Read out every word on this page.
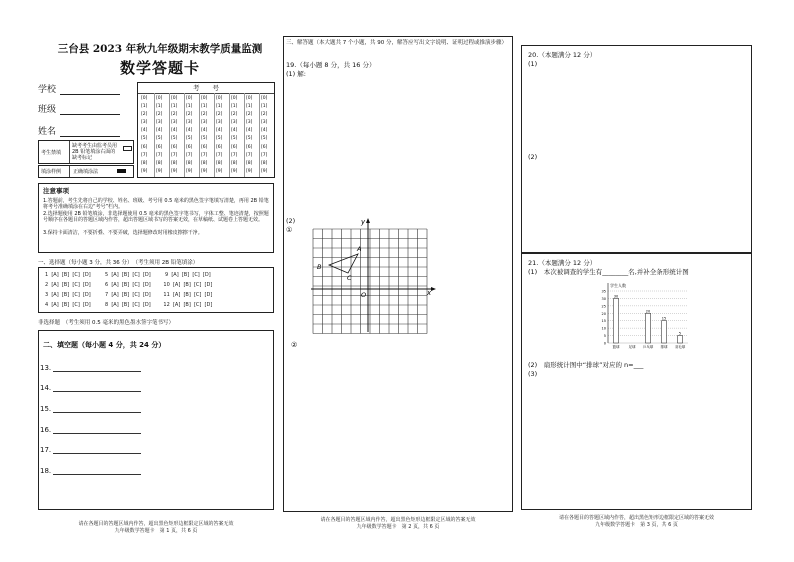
三台县 2023 年秋九年级期末教学质量监测
数学答题卡
学校
班级
姓名
考　　号
[0]
[1]
[2]
[3]
[4]
[5]
[6]
[7]
[8]
[9]
[0]
[1]
[2]
[3]
[4]
[5]
[6]
[7]
[8]
[9]
[0]
[1]
[2]
[3]
[4]
[5]
[6]
[7]
[8]
[9]
[0]
[1]
[2]
[3]
[4]
[5]
[6]
[7]
[8]
[9]
[0]
[1]
[2]
[3]
[4]
[5]
[6]
[7]
[8]
[9]
[0]
[1]
[2]
[3]
[4]
[5]
[6]
[7]
[8]
[9]
[0]
[1]
[2]
[3]
[4]
[5]
[6]
[7]
[8]
[9]
[0]
[1]
[2]
[3]
[4]
[5]
[6]
[7]
[8]
[9]
[0]
[1]
[2]
[3]
[4]
[5]
[6]
[7]
[8]
[9]
考生禁填
缺考考生由监考员用 2B 铅笔填涂右面的缺考标记
填涂样例 正确填涂法
注意事项
1.答题前，考生先将自己的学校、姓名、班级、考号用 0.5 毫米的黑色签字笔填写清楚，再用 2B 铅笔将考号准确填涂在右边“考号”栏内。
2.选择题使用 2B 铅笔填涂，非选择题使用 0.5 毫米的黑色签字笔书写，字体工整、笔迹清楚，按照题号顺序在各题目的答题区域内作答，超出答题区域书写的答案无效，在草稿纸、试题卷上答题无效。
3.保持卡面清洁，不要折叠、不要弄破，选择题修改时用橡皮擦擦干净。
一、选择题（每小题 3 分，共 36 分）　（考生须用 2B 铅笔填涂）
1  [A]  [B]  [C]  [D]         5  [A]  [B]  [C]  [D]         9  [A]  [B]  [C]  [D]
2  [A]  [B]  [C]  [D]         6  [A]  [B]  [C]  [D]        10  [A]  [B]  [C]  [D]
3  [A]  [B]  [C]  [D]         7  [A]  [B]  [C]  [D]        11  [A]  [B]  [C]  [D]
4  [A]  [B]  [C]  [D]         8  [A]  [B]  [C]  [D]        12  [A]  [B]  [C]  [D]
非选择题　（考生须用 0.5 毫米的黑色墨水签字笔书写）
二、填空题（每小题 4 分，共 24 分）
13.
14.
15.
16.
17.
18.
请在各题目的答题区域内作答，超出黑色矩形边框限定区域的答案无效
九年级数学答题卡　第 1 页，共 6 页
三、解答题（本大题共 7 个小题，共 90 分，解答应写出文字说明、证明过程或推演步骤）
19.（每小题 8 分，共 16 分）
(1) 解:
(2)
①
②
y
x
O
A
B
C
请在各题目的答题区域内作答，超出黑色矩形边框限定区域的答案无效
九年级数学答题卡　第 2 页，共 6 页
20.（本题满分 12 分）
(1)
(2)
21.（本题满分 12 分）
(1)　本次被调查的学生有________名,并补全条形统计图
0
5
10
15
20
25
30
35
30
篮球	足球
20
乒乓球
15
排球
5
羽毛球
学生人数
(2)　扇形统计图中“排球”对应的 n=___
(3)
请在各题目的答题区域内作答，超出黑色矩形边框限定区域的答案无效
九年级数学答题卡　第 3 页，共 6 页
